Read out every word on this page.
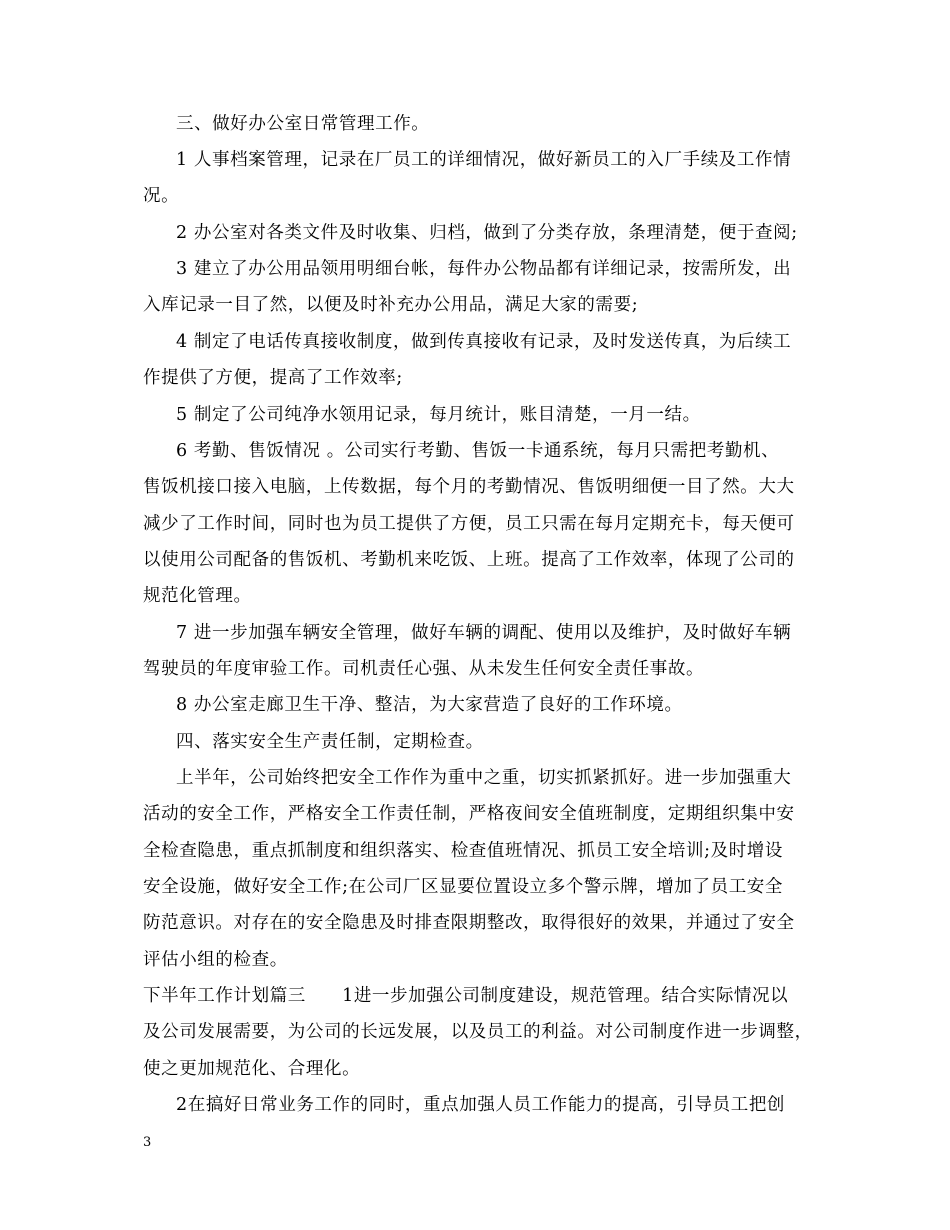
三、做好办公室日常管理工作。
1 人事档案管理，记录在厂员工的详细情况，做好新员工的入厂手续及工作情
况。
2 办公室对各类文件及时收集、归档，做到了分类存放，条理清楚，便于查阅;
3 建立了办公用品领用明细台帐，每件办公物品都有详细记录，按需所发，出
入库记录一目了然，以便及时补充办公用品，满足大家的需要;
4 制定了电话传真接收制度，做到传真接收有记录，及时发送传真，为后续工
作提供了方便，提高了工作效率;
5 制定了公司纯净水领用记录，每月统计，账目清楚，一月一结。
6 考勤、售饭情况 。公司实行考勤、售饭一卡通系统，每月只需把考勤机、
售饭机接口接入电脑，上传数据，每个月的考勤情况、售饭明细便一目了然。大大
减少了工作时间，同时也为员工提供了方便，员工只需在每月定期充卡，每天便可
以使用公司配备的售饭机、考勤机来吃饭、上班。提高了工作效率，体现了公司的
规范化管理。
7 进一步加强车辆安全管理，做好车辆的调配、使用以及维护，及时做好车辆
驾驶员的年度审验工作。司机责任心强、从未发生任何安全责任事故。
8 办公室走廊卫生干净、整洁，为大家营造了良好的工作环境。
四、落实安全生产责任制，定期检查。
上半年，公司始终把安全工作作为重中之重，切实抓紧抓好。进一步加强重大
活动的安全工作，严格安全工作责任制，严格夜间安全值班制度，定期组织集中安
全检查隐患，重点抓制度和组织落实、检查值班情况、抓员工安全培训;及时增设
安全设施，做好安全工作;在公司厂区显要位置设立多个警示牌，增加了员工安全
防范意识。对存在的安全隐患及时排查限期整改，取得很好的效果，并通过了安全
评估小组的检查。
下半年工作计划篇三　　1进一步加强公司制度建设，规范管理。结合实际情况以
及公司发展需要，为公司的长远发展，以及员工的利益。对公司制度作进一步调整，
使之更加规范化、合理化。
2在搞好日常业务工作的同时，重点加强人员工作能力的提高，引导员工把创
3
